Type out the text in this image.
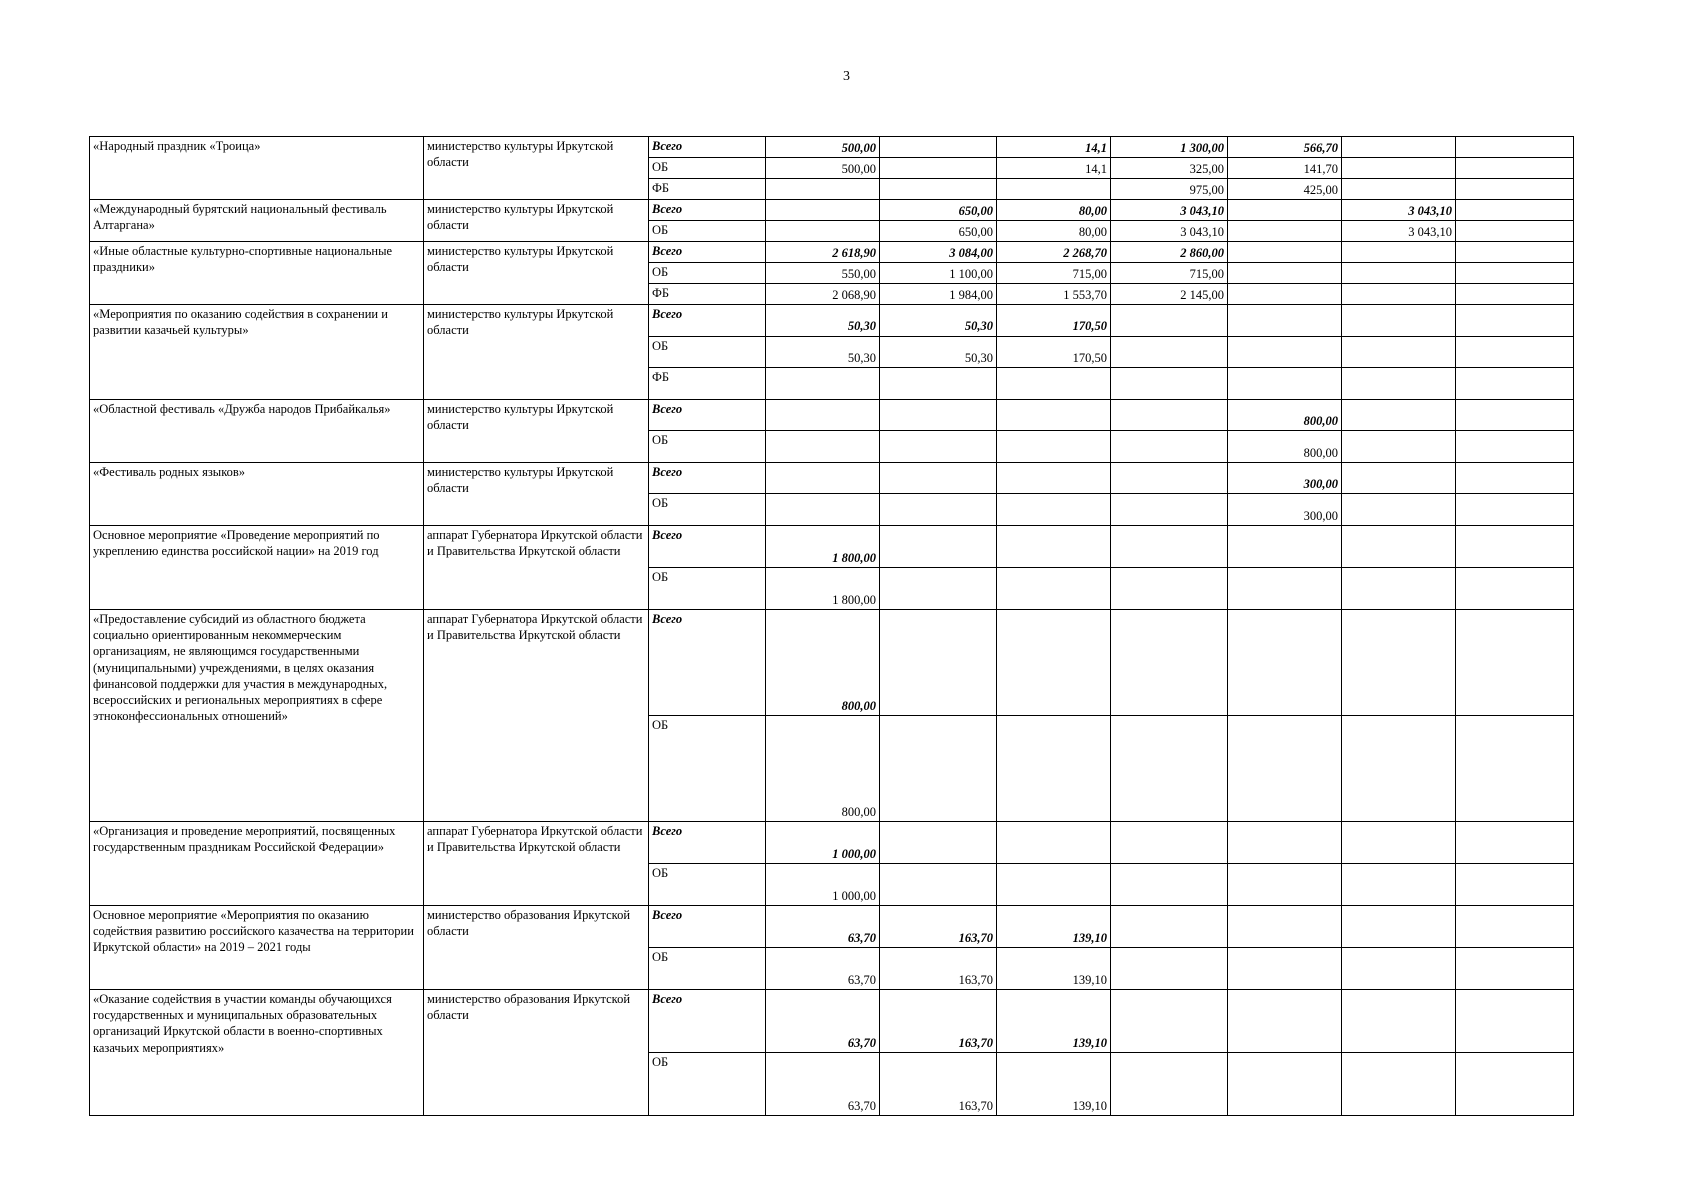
3
«Народный праздник «Троица»	министерство культуры Иркутской области	Всего	500,00		14,1	1 300,00	566,70		
		ОБ	500,00		14,1	325,00	141,70		
		ФБ				975,00	425,00		
«Международный бурятский национальный фестиваль Алтаргана»	министерство культуры Иркутской области	Всего		650,00	80,00	3 043,10		3 043,10	
		ОБ		650,00	80,00	3 043,10		3 043,10	
«Иные областные культурно-спортивные национальные праздники»	министерство культуры Иркутской области	Всего	2 618,90	3 084,00	2 268,70	2 860,00			
		ОБ	550,00	1 100,00	715,00	715,00			
		ФБ	2 068,90	1 984,00	1 553,70	2 145,00			
«Мероприятия по оказанию содействия в сохранении и развитии казачьей культуры»	министерство культуры Иркутской области	Всего	50,30	50,30	170,50				
		ОБ	50,30	50,30	170,50				
		ФБ							
«Областной фестиваль «Дружба народов Прибайкалья»	министерство культуры Иркутской области	Всего					800,00		
		ОБ					800,00		
«Фестиваль родных языков»	министерство культуры Иркутской области	Всего					300,00		
		ОБ					300,00		
Основное мероприятие «Проведение мероприятий по укреплению единства российской нации» на 2019 год	аппарат Губернатора Иркутской области и Правительства Иркутской области	Всего	1 800,00						
		ОБ	1 800,00						
«Предоставление субсидий из областного бюджета социально ориентированным некоммерческим организациям, не являющимся государственными (муниципальными) учреждениями, в целях оказания финансовой поддержки для участия в международных, всероссийских и региональных мероприятиях в сфере этноконфессиональных отношений»	аппарат Губернатора Иркутской области и Правительства Иркутской области	Всего	800,00						
		ОБ	800,00						
«Организация и проведение мероприятий, посвященных государственным праздникам Российской Федерации»	аппарат Губернатора Иркутской области и Правительства Иркутской области	Всего	1 000,00						
		ОБ	1 000,00						
Основное мероприятие «Мероприятия по оказанию содействия развитию российского казачества на территории Иркутской области» на 2019 – 2021 годы	министерство образования Иркутской области	Всего	63,70	163,70	139,10				
		ОБ	63,70	163,70	139,10				
«Оказание содействия в участии команды обучающихся государственных и муниципальных образовательных организаций Иркутской области в военно-спортивных казачьих мероприятиях»	министерство образования Иркутской области	Всего	63,70	163,70	139,10				
		ОБ	63,70	163,70	139,10				
